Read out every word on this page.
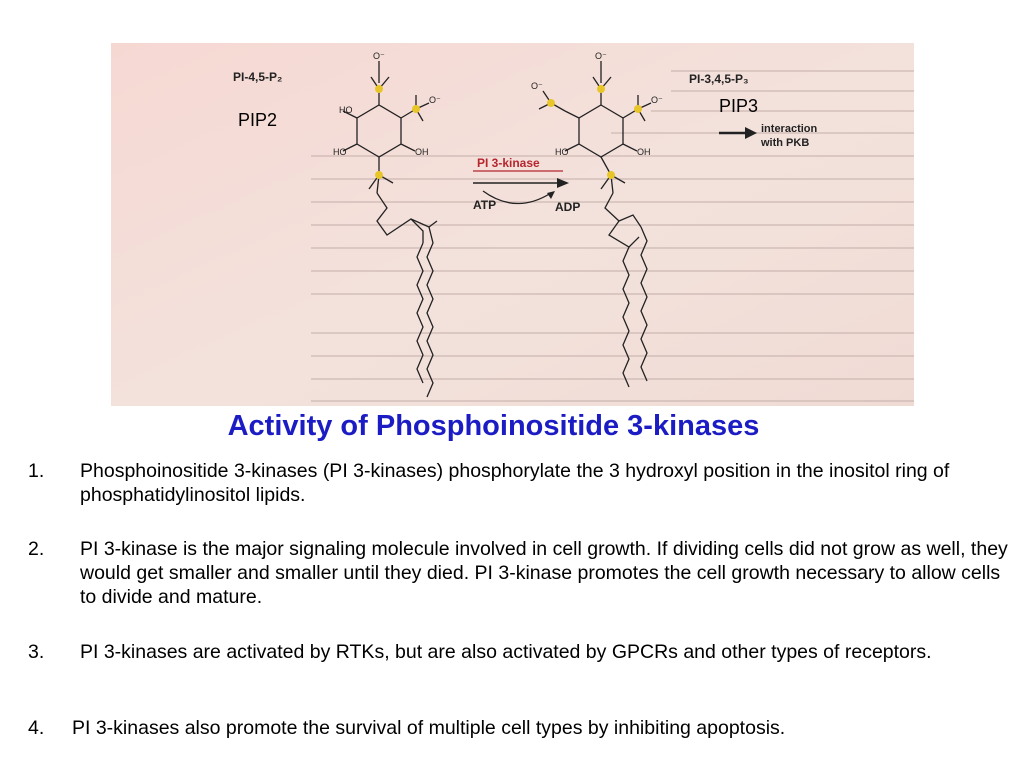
HO
HO	OH
O⁻
O⁻
O⁻
O⁻
HO	OH
O⁻
PI-4,5-P₂
PIP2
PI-3,4,5-P₃
PIP3
PI 3-kinase
ATP	ADP
interaction
with PKB
Activity of Phosphoinositide 3-kinases
1. Phosphoinositide 3-kinases (PI 3-kinases) phosphorylate the 3 hydroxyl position in the inositol ring of phosphatidylinositol lipids.
2. PI 3-kinase is the major signaling molecule involved in cell growth. If dividing cells did not grow as well, they would get smaller and smaller until they died. PI 3-kinase promotes the cell growth necessary to allow cells to divide and mature.
3. PI 3-kinases are activated by RTKs, but are also activated by GPCRs and other types of receptors.
4. PI 3-kinases also promote the survival of multiple cell types by inhibiting apoptosis.
